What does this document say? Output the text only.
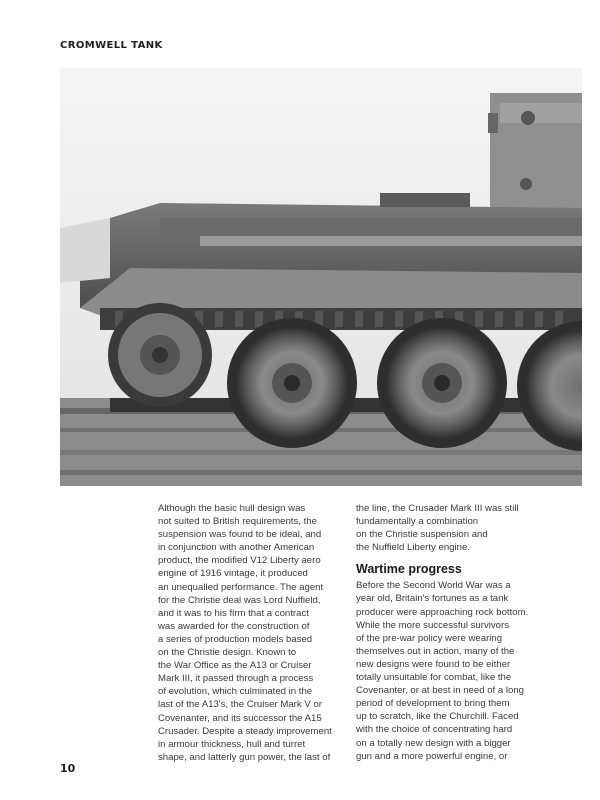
CROMWELL TANK

Although the basic hull design was
not suited to British requirements, the
suspension was found to be ideal, and
in conjunction with another American
product, the modified V12 Liberty aero
engine of 1916 vintage, it produced
an unequalled performance. The agent
for the Christie deal was Lord Nuffield,
and it was to his firm that a contract
was awarded for the construction of
a series of production models based
on the Christie design. Known to
the War Office as the A13 or Cruiser
Mark III, it passed through a process
of evolution, which culminated in the
last of the A13's, the Cruiser Mark V or
Covenanter, and its successor the A15
Crusader. Despite a steady improvement
in armour thickness, hull and turret
shape, and latterly gun power, the last of

the line, the Crusader Mark III was still
fundamentally a combination
on the Christie suspension and
the Nuffield Liberty engine.

Wartime progress

Before the Second World War was a
year old, Britain's fortunes as a tank
producer were approaching rock bottom.
While the more successful survivors
of the pre-war policy were wearing
themselves out in action, many of the
new designs were found to be either
totally unsuitable for combat, like the
Covenanter, or at best in need of a long
period of development to bring them
up to scratch, like the Churchill. Faced
with the choice of concentrating hard
on a totally new design with a bigger
gun and a more powerful engine, or

10
